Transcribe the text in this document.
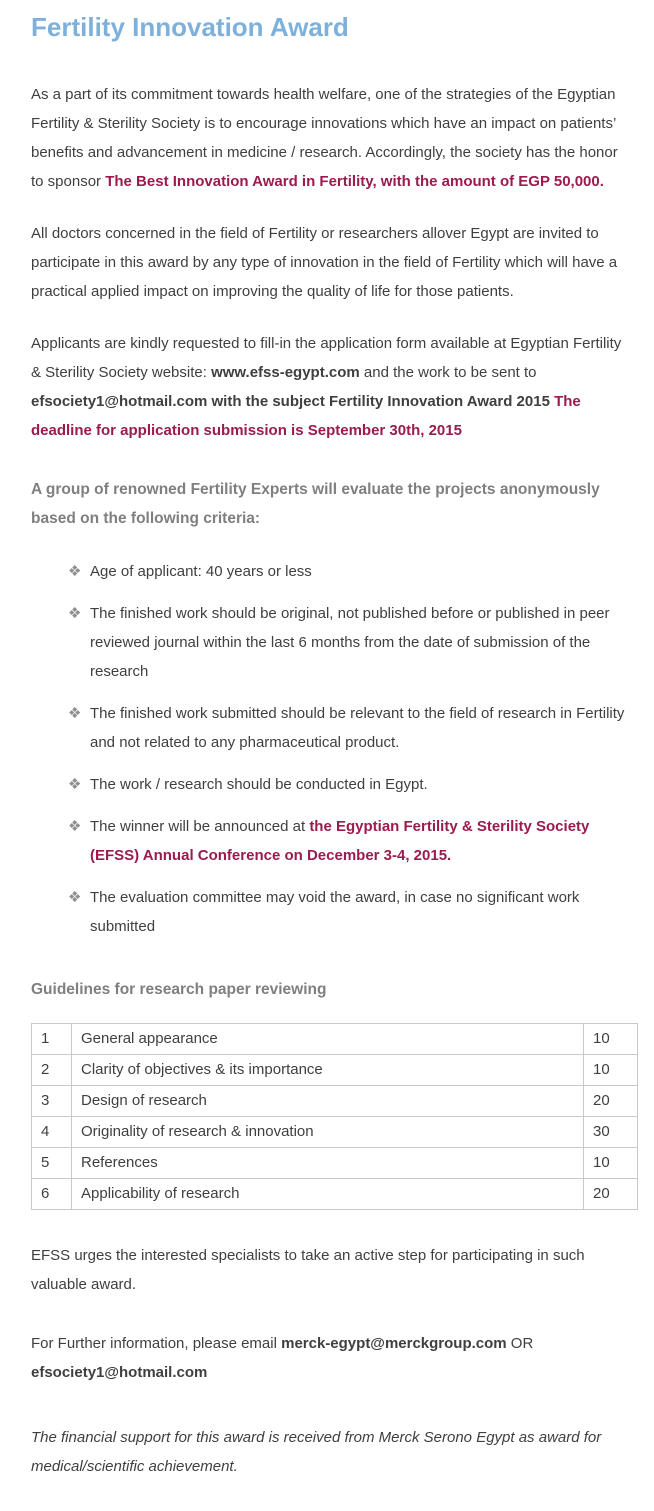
Fertility Innovation Award

As a part of its commitment towards health welfare, one of the strategies of the Egyptian Fertility & Sterility Society is to encourage innovations which have an impact on patients’ benefits and advancement in medicine / research. Accordingly, the society has the honor to sponsor The Best Innovation Award in Fertility, with the amount of EGP 50,000.

All doctors concerned in the field of Fertility or researchers allover Egypt are invited to participate in this award by any type of innovation in the field of Fertility which will have a practical applied impact on improving the quality of life for those patients.

Applicants are kindly requested to fill-in the application form available at Egyptian Fertility & Sterility Society website: www.efss-egypt.com and the work to be sent to efsociety1@hotmail.com with the subject Fertility Innovation Award 2015 The deadline for application submission is September 30th, 2015

A group of renowned Fertility Experts will evaluate the projects anonymously based on the following criteria:
❖ Age of applicant: 40 years or less
❖ The finished work should be original, not published before or published in peer reviewed journal within the last 6 months from the date of submission of the research
❖ The finished work submitted should be relevant to the field of research in Fertility and not related to any pharmaceutical product.
❖ The work / research should be conducted in Egypt.
❖ The winner will be announced at the Egyptian Fertility & Sterility Society (EFSS) Annual Conference on December 3-4, 2015.
❖ The evaluation committee may void the award, in case no significant work submitted
Guidelines for research paper reviewing
1	General appearance	10
2	Clarity of objectives & its importance	10
3	Design of research	20
4	Originality of research & innovation	30
5	References	10
6	Applicability of research	20

EFSS urges the interested specialists to take an active step for participating in such valuable award.

For Further information, please email merck-egypt@merckgroup.com OR efsociety1@hotmail.com

The financial support for this award is received from Merck Serono Egypt as award for medical/scientific achievement.
